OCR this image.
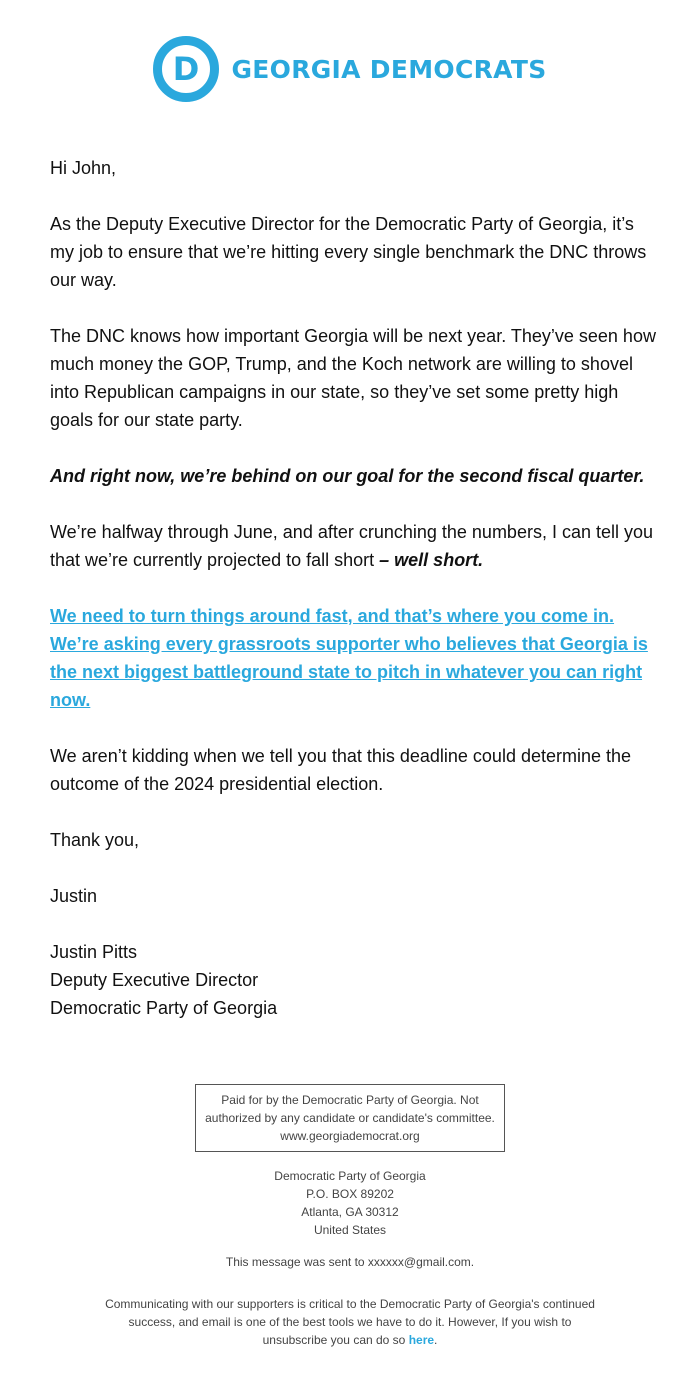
D GEORGIA DEMOCRATS

Hi John,

As the Deputy Executive Director for the Democratic Party of Georgia, it’s my job to ensure that we’re hitting every single benchmark the DNC throws our way.

The DNC knows how important Georgia will be next year. They’ve seen how much money the GOP, Trump, and the Koch network are willing to shovel into Republican campaigns in our state, so they’ve set some pretty high goals for our state party.

And right now, we’re behind on our goal for the second fiscal quarter.

We’re halfway through June, and after crunching the numbers, I can tell you that we’re currently projected to fall short – well short.

We need to turn things around fast, and that’s where you come in. We’re asking every grassroots supporter who believes that Georgia is the next biggest battleground state to pitch in whatever you can right now.

We aren’t kidding when we tell you that this deadline could determine the outcome of the 2024 presidential election.

Thank you,

Justin

Justin Pitts
Deputy Executive Director
Democratic Party of Georgia

Paid for by the Democratic Party of Georgia. Not
authorized by any candidate or candidate's committee.
www.georgiademocrat.org
Democratic Party of Georgia
P.O. BOX 89202
Atlanta, GA 30312
United States
This message was sent to xxxxxx@gmail.com.
Communicating with our supporters is critical to the Democratic Party of Georgia's continued
success, and email is one of the best tools we have to do it. However, If you wish to
unsubscribe you can do so here.
